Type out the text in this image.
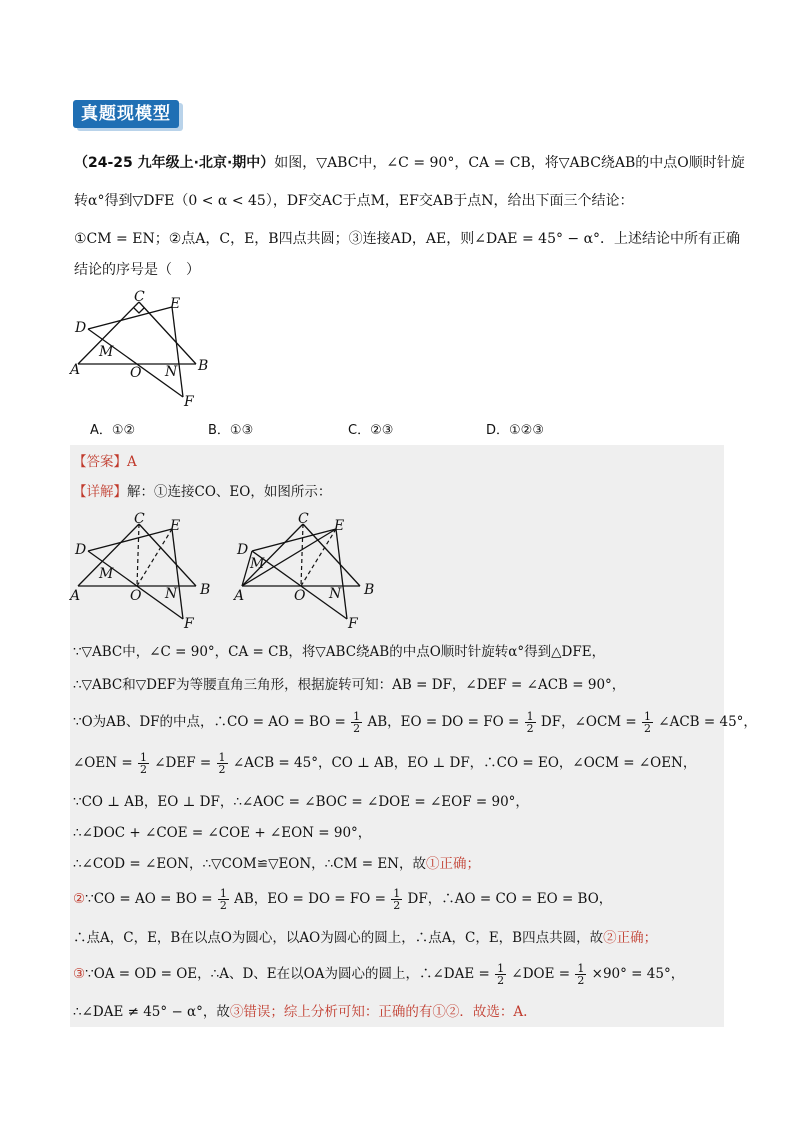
真题现模型
（24-25 九年级上·北京·期中）如图，▽ABC中，∠C = 90°，CA = CB，将▽ABC绕AB的中点O顺时针旋
转α°得到▽DFE（0 < α < 45），DF交AC于点M，EF交AB于点N，给出下面三个结论：
①CM = EN；②点A，C，E，B四点共圆；③连接AD，AE，则∠DAE = 45° − α°．上述结论中所有正确
结论的序号是（　）
C E
D
M
A	O N B
F
A．①②	B．①③	C．②③	D．①②③
【答案】A
【详解】解：①连接CO、EO，如图所示：
C E
D
M
A	O N B
F
C E
D
M
A	O N B
F
∵▽ABC中，∠C = 90°，CA = CB，将▽ABC绕AB的中点O顺时针旋转α°得到△DFE，
∴▽ABC和▽DEF为等腰直角三角形，根据旋转可知：AB = DF，∠DEF = ∠ACB = 90°，
∵O为AB、DF的中点，∴CO = AO = BO = $\frac{1}{2}$ AB，EO = DO = FO = $\frac{1}{2}$ DF，∠OCM = $\frac{1}{2}$ ∠ACB = 45°，
∠OEN = $\frac{1}{2}$ ∠DEF = $\frac{1}{2}$ ∠ACB = 45°，CO ⊥ AB，EO ⊥ DF，∴CO = EO，∠OCM = ∠OEN，
∵CO ⊥ AB，EO ⊥ DF，∴∠AOC = ∠BOC = ∠DOE = ∠EOF = 90°，
∴∠DOC + ∠COE = ∠COE + ∠EON = 90°，
∴∠COD = ∠EON，∴▽COM≌▽EON，∴CM = EN，故①正确；
②∵CO = AO = BO = $\frac{1}{2}$ AB，EO = DO = FO = $\frac{1}{2}$ DF，∴AO = CO = EO = BO，
∴点A，C，E，B在以点O为圆心，以AO为圆心的圆上，∴点A，C，E，B四点共圆，故②正确；
③∵OA = OD = OE，∴A、D、E在以OA为圆心的圆上，∴∠DAE = $\frac{1}{2}$ ∠DOE = $\frac{1}{2} \times 90^\circ = 45^\circ$，
∴∠DAE ≠ 45° − α°，故③错误；综上分析可知：正确的有①②．故选：A.
